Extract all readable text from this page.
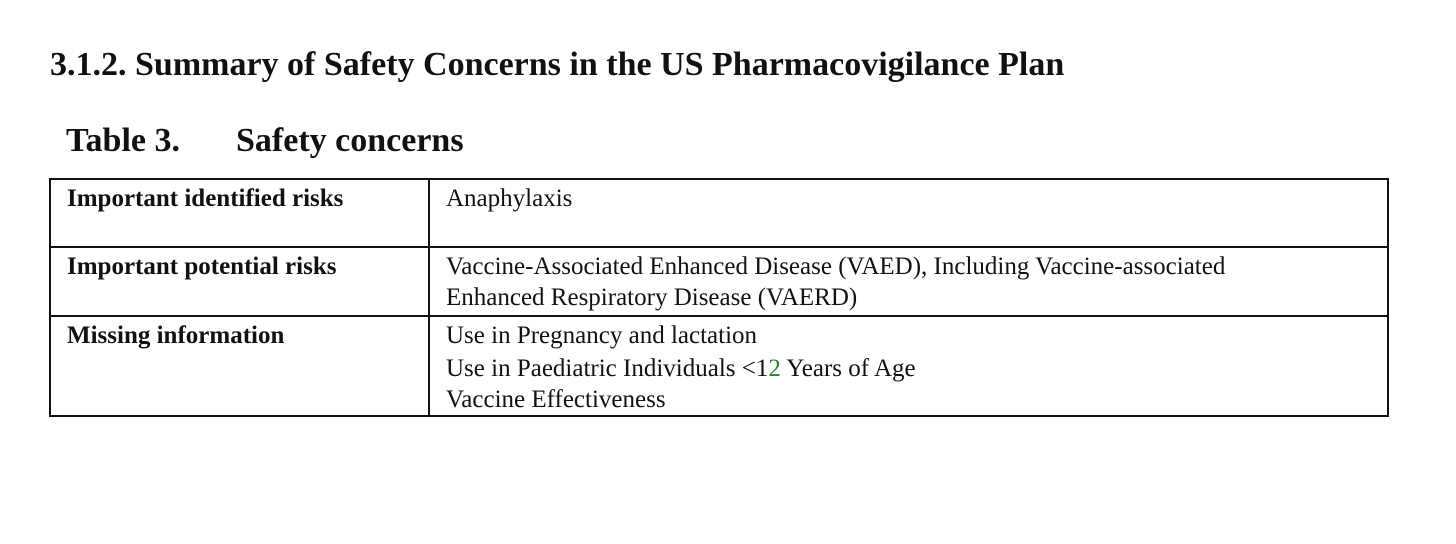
3.1.2. Summary of Safety Concerns in the US Pharmacovigilance Plan
Table 3. Safety concerns
Important identified risks	Anaphylaxis

Important potential risks	Vaccine-Associated Enhanced Disease (VAED), Including Vaccine-associated
Enhanced Respiratory Disease (VAERD)

Missing information	Use in Pregnancy and lactation
Use in Paediatric Individuals <12 Years of Age
Vaccine Effectiveness
